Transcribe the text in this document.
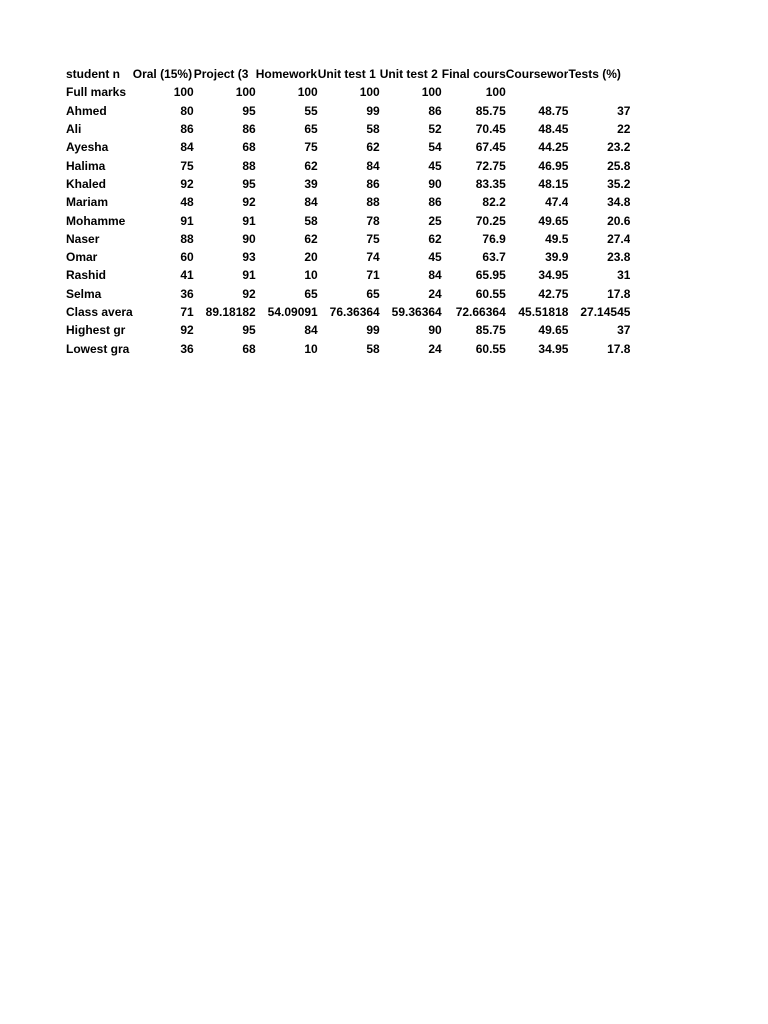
student n	Oral (15%)	Project (3	Homework	Unit test 1	Unit test 2	Final cours	Coursewor	Tests (%)
Full marks	100	100	100	100	100	100		
Ahmed	80	95	55	99	86	85.75	48.75	37
Ali	86	86	65	58	52	70.45	48.45	22
Ayesha	84	68	75	62	54	67.45	44.25	23.2
Halima	75	88	62	84	45	72.75	46.95	25.8
Khaled	92	95	39	86	90	83.35	48.15	35.2
Mariam	48	92	84	88	86	82.2	47.4	34.8
Mohamme	91	91	58	78	25	70.25	49.65	20.6
Naser	88	90	62	75	62	76.9	49.5	27.4
Omar	60	93	20	74	45	63.7	39.9	23.8
Rashid	41	91	10	71	84	65.95	34.95	31
Selma	36	92	65	65	24	60.55	42.75	17.8
Class avera	71	89.18182	54.09091	76.36364	59.36364	72.66364	45.51818	27.14545
Highest gr	92	95	84	99	90	85.75	49.65	37
Lowest gra	36	68	10	58	24	60.55	34.95	17.8
